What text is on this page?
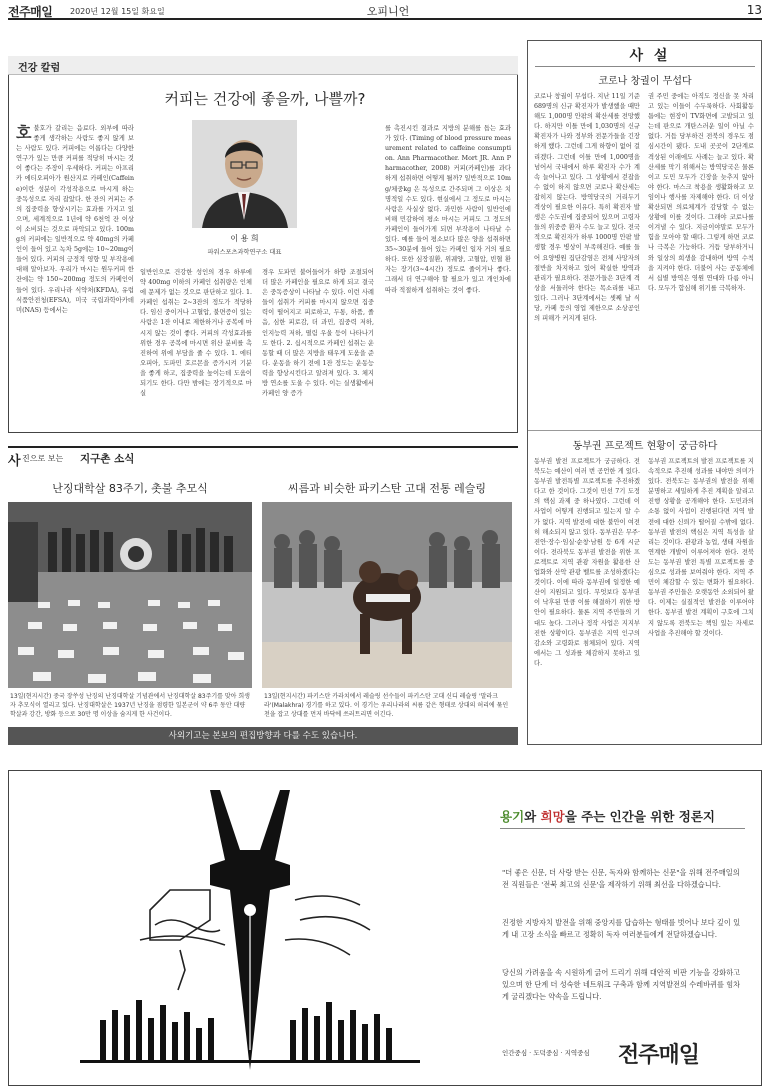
전주매일 2020년 12월 15일 화요일	오피니언	13
건강 칼럼
커피는 건강에 좋을까, 나쁠까?
호 불호가 갈리는 음료다. 외부에 따라 좋게 생각하는 사람도 좋지 않게 보는 사람도 있다. 커피에는 이롭다는 다양한 연구가 있는 만큼 커피를 적당히 마시는 것이 좋다는 주장이 우세하다. 커피는 아프리카 에티오피아가 원산지로 카페인(Caffeine)이란 성분이 각성작용으로 마시게 하는 중독성으로 자리 잡았다. 한 잔의 커피는 주의 집중력을 향상시키는 효과를 가지고 있으며, 세계적으로 1년에 약 6천억 잔 이상이 소비되는 것으로 파악되고 있다. 100mg의 커피에는 일반적으로 약 40mg의 카페인이 들어 있고 녹차 5g에는 10~20mg이 들어 있다. 커피의 긍정적 영향 및 부작용에 대해 알아보자. 우리가 마시는 원두커피 한 잔에는 약 150~200mg 정도의 카페인이 들어 있다. 우리나라 식약처(KFDA), 유럽식품안전청(EFSA), 미국 국립과학아카데미(NAS) 등에서는
이 용 희
파워스포츠과학연구소 대표
일반인으로 건강한 성인의 경우 하루에 약 400mg 이하의 카페인 섭취량은 인체에 문제가 없는 것으로 판단하고 있다. 1. 카페인 섭취는 2~3잔의 정도가 적당하다. 임신 중이거나 고혈압, 불면증이 있는 사람은 1잔 이내로 제한하거나 공복에 마시지 않는 것이 좋다. 커피의 각성효과를 위한 경우 공복에 마시면 위산 분비를 촉진하여 위에 부담을 줄 수 있다. 1. 에티오피아, 도파민 호르몬을 증가시켜 기분을 좋게 하고, 집중력을 높이는데 도움이 되기도 한다. 다만 밤에는 장기적으로 마실
경우 도파민 불어들어가 하향 조절되어 더 많은 카페인을 필요로 하게 되고 결국은 중독증상이 나타날 수 있다. 이런 사례들이 섭취가 커피를 마시지 않으면 집중력이 떨어지고 피로하고, 두통, 하품, 졸음, 심한 피로감, 더 과민, 집중력 저하, 인지능력 저하, 떨림 우울 등이 나타나기도 한다. 2. 십시적으로 카페인 섭취는 운동할 때 더 많은 지방을 태우게 도움을 준다. 운동을 하기 전에 1잔 정도는 운동능력을 향상시킨다고 알려져 있다. 3. 체지방 연소를 도울 수 있다. 이는 실생활에서 카페인 양 증가
를 촉진시킨 결과로 지방의 분해를 돕는 효과가 있다. (Timing of blood pressure measurement related to caffeine consumption. Ann Pharmacother. Mort JR. Ann Pharmacother, 2008) 커피(카페인)를 과다하게 섭취하면 어떻게 될까? 일반적으로 10mg/체중kg 은 독성으로 간주되며 그 이상은 치명적일 수도 있다. 현실에서 그 정도로 마시는 사람은 사실상 없다. 과민한 사람이 일반인에 비해 민감하여 평소 마시는 커피도 그 정도의 카페인이 들어가게 되면 부작용이 나타날 수 있다. 예를 들어 평소보다 많은 양을 섭취하면 35~30분에 들어 있는 카페인 일자 거의 필요하다. 또한 심장질환, 위궤양, 고혈압, 빈혈 환자는 장기(3~4시간) 정도로 줄이거나 좋다. 그래서 더 연구해야 할 필요가 있고 개인차에 따라 적절하게 섭취하는 것이 좋다.
사 진으로 보는 지구촌 소식
난징대학살 83주기, 촛불 추모식	씨름과 비슷한 파키스탄 고대 전통 레슬링
13일(현지시간) 중국 장쑤성 난징의 난징대학살 기념관에서 난징대학살 83주기를 맞아 희생자 추모식이 열리고 있다. 난징대학살은 1937년 난징을 점령한 일본군이 약 6주 동안 대량학살과 강간, 방화 등으로 30만 명 이상을 숨지게 한 사건이다.
13일(현지시간) 파키스탄 카라치에서 레슬링 선수들이 파키스탄 고대 신디 레슬링 '말라크라'(Malakhra) 경기를 하고 있다. 이 경기는 우리나라의 씨름 같은 형태로 상대의 허리에 묶인 천을 잡고 상대를 먼저 바닥에 쓰러트리면 이긴다.
사외기고는 본보의 편집방향과 다를 수도 있습니다.
사 설
코로나 창궐이 무섭다
코로나 창궐이 무섭다. 지난 11일 기준 689명의 신규 확진자가 발생했을 때만 해도 1,000명 안팎의 확산세를 전망했다. 하지만 이틀 만에 1,030명의 신규 확진자가 나와 정부와 전문가들을 긴장하게 했다. 그런데 그게 하향이 없어 걸리겠다. 그런데 이틀 만에 1,000명을 넘어서 국내에서 하루 확진자 수가 계속 늘어나고 있다. 그 상황에서 걷잡을 수 없이 하지 않으면 코로나 확산세는 잡히지 않는다. 방역당국의 거리두기 격상이 필요한 이유다. 특히 확진자 발생은 수도권에 집중되어 있으며 고령자들의 위중증 환자 수도 늘고 있다. 전국적으로 확진자가 하루 1000명 안팎 발생할 경우 병상이 부족해진다. 예를 들어 요양병원 집단감염은 전체 사망자의 절반을 차지하고 있어 확실한 방역과 관리가 필요하다. 전문가들은 3단계 격상을 서둘러야 한다는 목소리를 내고 있다. 그러나 3단계에서는 셋째 날 식당, 카페 등의 영업 제한으로 소상공인의 피해가 커지게 된다.
권 주민 중에는 아직도 정신을 못 차리고 있는 이들이 수두룩하다. 사회활동 틈에는 현장이 TV화면에 고발되고 있는데 판으로 개탄스러운 일이 아닐 수 없다. 거듭 당부하건 전북의 경우도 점심시간이 됐다. 도내 곳곳이 2단계로 격상된 이래에도 사례는 늘고 있다. 확산세를 막기 위해서는 방역당국은 물론이고 도민 모두가 긴장을 늦추지 않아야 한다. 마스크 착용을 생활화하고 모임이나 행사를 자제해야 한다. 더 이상 확산되면 의료체계가 감당할 수 없는 상황에 이를 것이다. 그래야 코로나를 이겨낼 수 있다. 지금이야말로 모두가 힘을 모아야 할 때다. 그렇게 하면 코로나 극복은 가능하다. 거듭 당부하거니와 일상의 희생을 감내하며 방역 수칙을 지켜야 한다. 더불어 사는 공동체에서 십볕 방역은 영원 연대와 다름 아니다. 모두가 합심해 위기를 극복하자.
동부권 프로젝트 현황이 궁금하다
동부권 발전 프로젝트가 궁금하다. 전북도는 예산이 여러 번 공언한 게 있다. 동부권 발전특별 프로젝트를 추진하겠다고 한 것이다. 그것이 민선 7기 도정의 핵심 과제 중 하나였다. 그런데 이 사업이 어떻게 진행되고 있는지 알 수가 없다. 지역 발전에 대한 불안이 여전히 해소되지 않고 있다. 동부권은 무주·진안·장수·임실·순창·남원 등 6개 시군이다. 전라북도 동부권 발전을 위한 프로젝트로 지역 관광 자원을 활용한 산업화와 산악 관광 벨트를 조성하겠다는 것이다. 이에 따라 동부권에 일정한 예산이 지원되고 있다. 무엇보다 동부권이 낙후된 만큼 이를 해결하기 위한 방안이 필요하다. 물론 지역 주민들의 기대도 높다. 그러나 정작 사업은 지지부진한 상황이다. 동부권은 지역 인구의 감소와 고령화로 침체되어 있다. 지역에서는 그 성과를 체감하지 못하고 있다.
동부권 프로젝트의 발전 프로젝트를 지속적으로 추진해 성과를 내야만 의미가 있다. 전북도는 동부권의 발전을 위해 분명하고 세밀하게 추진 계획을 알리고 진행 상황을 공개해야 한다. 도민과의 소통 없이 사업이 진행된다면 지역 발전에 대한 신뢰가 떨어질 수밖에 없다. 동부권 발전의 핵심은 지역 특성을 살리는 것이다. 관광과 농업, 생태 자원을 연계한 개발이 이루어져야 한다. 전북도는 동부권 발전 특별 프로젝트를 중심으로 성과를 보여줘야 한다. 지역 주민이 체감할 수 있는 변화가 필요하다. 동부권 주민들은 오랫동안 소외되어 왔다. 이제는 실질적인 발전을 이루어야 한다. 동부권 발전 계획이 구호에 그치지 않도록 전북도는 책임 있는 자세로 사업을 추진해야 할 것이다.
용기와 희망을 주는 인간을 위한 정론지
"더 좋은 신문, 더 사랑 받는 신문, 독자와 함께하는 신문"을 위해 전주매일의 전 직원들은 '전북 최고의 신문'을 제작하기 위해 최선을 다하겠습니다.
진정한 지방자치 발전을 위해 중앙지를 답습하는 형태를 벗어나 보다 깊이 있게 내 고장 소식을 빠르고 정확히 독자 여러분들에게 전달하겠습니다.
당신의 가려움을 속 시원하게 긁어 드리기 위해 대안적 비판 기능을 강화하고 있으며 한 단계 더 성숙한 네트워크 구축과 함께 지역발전의 수레바퀴를 힘차게 굴리겠다는 약속을 드립니다.
인간중심 · 도덕중심 · 지역중심 전주매일
